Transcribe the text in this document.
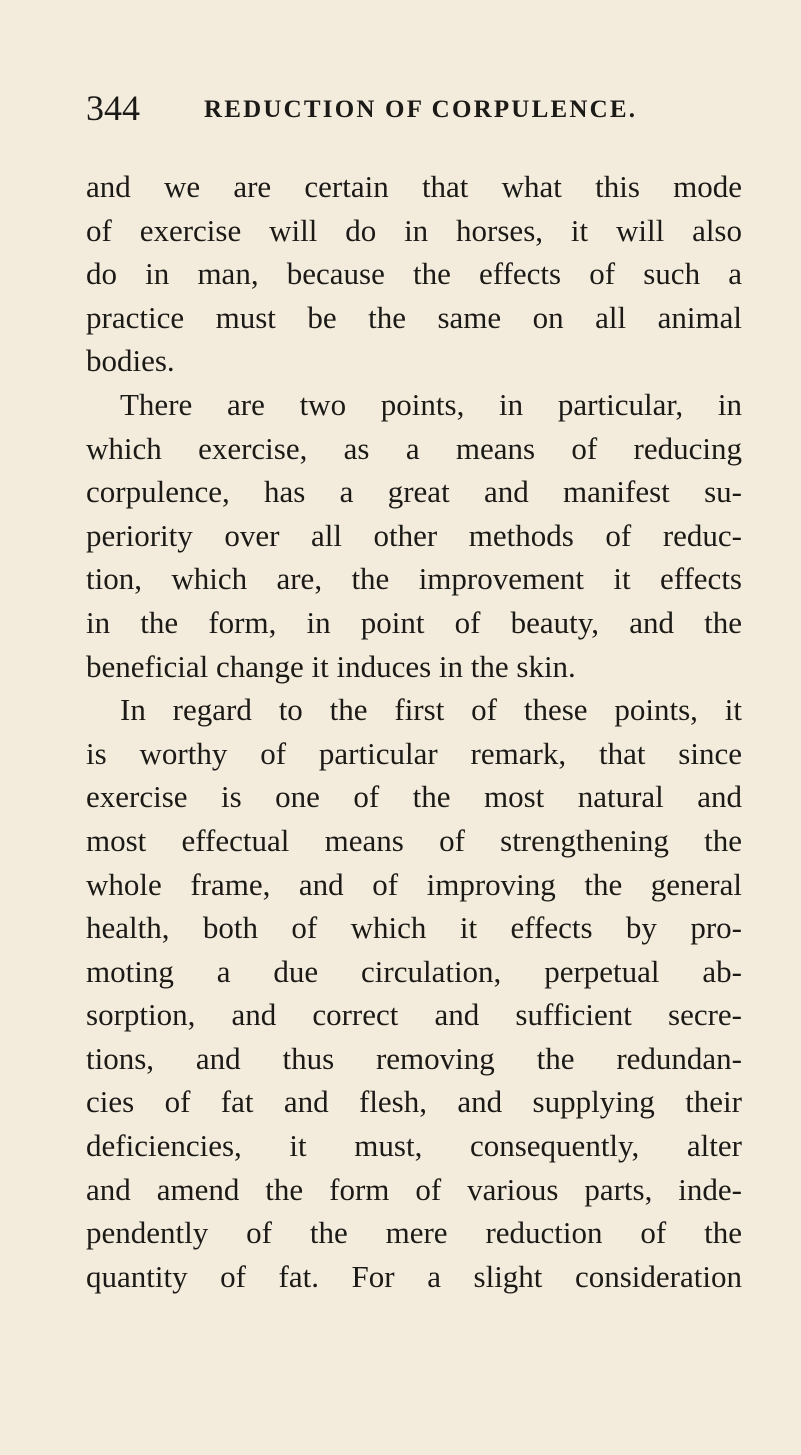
344	REDUCTION OF CORPULENCE.
and we are certain that what this mode
of exercise will do in horses, it will also
do in man, because the effects of such a
practice must be the same on all animal
bodies.
There are two points, in particular, in
which exercise, as a means of reducing
corpulence, has a great and manifest su-
periority over all other methods of reduc-
tion, which are, the improvement it effects
in the form, in point of beauty, and the
beneficial change it induces in the skin.
In regard to the first of these points, it
is worthy of particular remark, that since
exercise is one of the most natural and
most effectual means of strengthening the
whole frame, and of improving the general
health, both of which it effects by pro-
moting a due circulation, perpetual ab-
sorption, and correct and sufficient secre-
tions, and thus removing the redundan-
cies of fat and flesh, and supplying their
deficiencies, it must, consequently, alter
and amend the form of various parts, inde-
pendently of the mere reduction of the
quantity of fat. For a slight consideration
